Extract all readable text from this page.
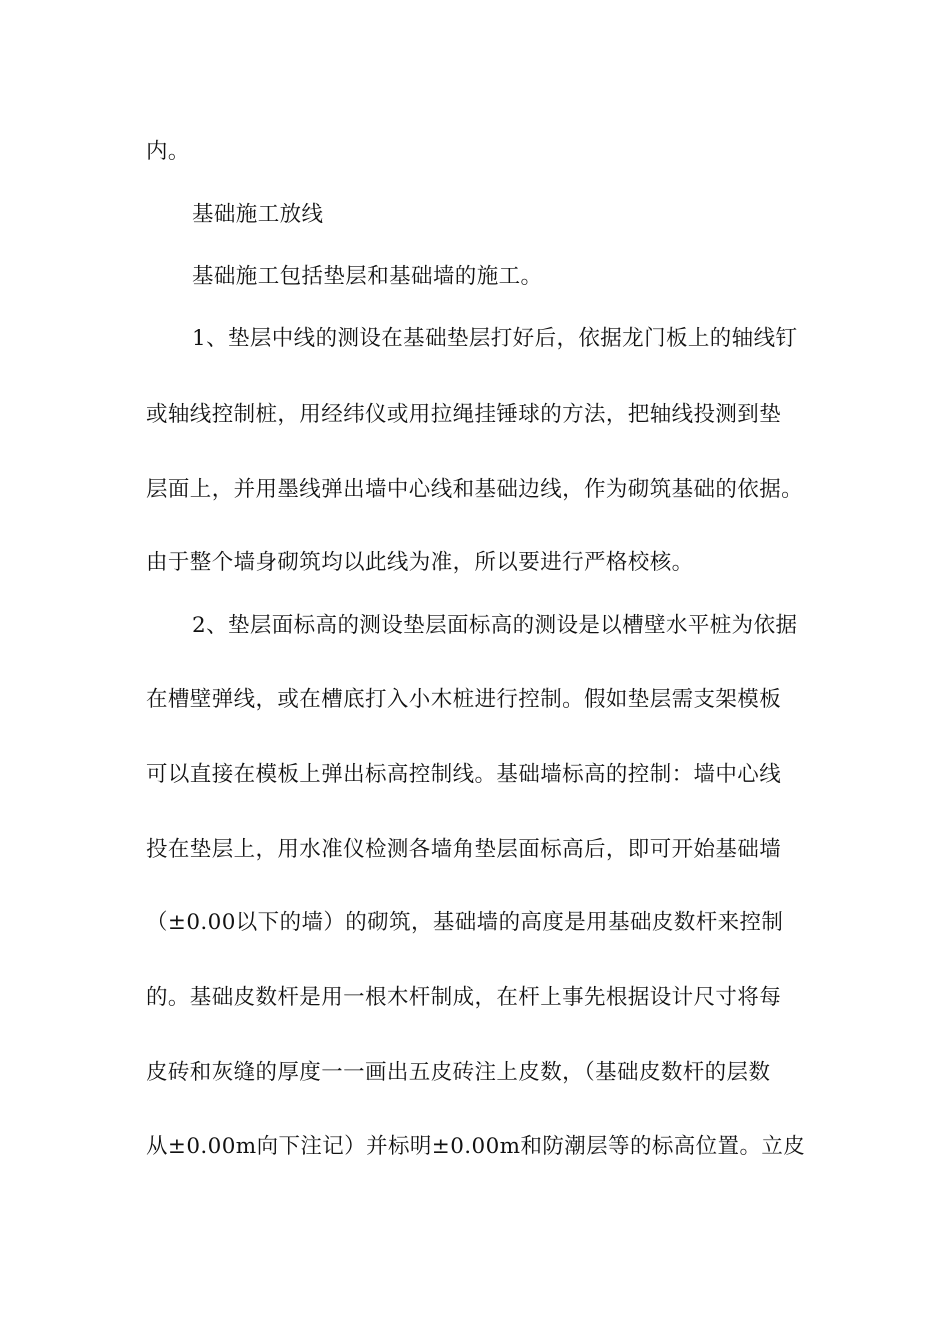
内。
基础施工放线
基础施工包括垫层和基础墙的施工。
1、垫层中线的测设在基础垫层打好后，依据龙门板上的轴线钉
或轴线控制桩，用经纬仪或用拉绳挂锤球的方法，把轴线投测到垫
层面上，并用墨线弹出墙中心线和基础边线，作为砌筑基础的依据。
由于整个墙身砌筑均以此线为准，所以要进行严格校核。
2、垫层面标高的测设垫层面标高的测设是以槽壁水平桩为依据
在槽壁弹线，或在槽底打入小木桩进行控制。假如垫层需支架模板
可以直接在模板上弹出标高控制线。基础墙标高的控制：墙中心线
投在垫层上，用水准仪检测各墙角垫层面标高后，即可开始基础墙
（±0.00以下的墙）的砌筑，基础墙的高度是用基础皮数杆来控制
的。基础皮数杆是用一根木杆制成，在杆上事先根据设计尺寸将每
皮砖和灰缝的厚度一一画出五皮砖注上皮数，（基础皮数杆的层数
从±0.00m向下注记）并标明±0.00m和防潮层等的标高位置。立皮
